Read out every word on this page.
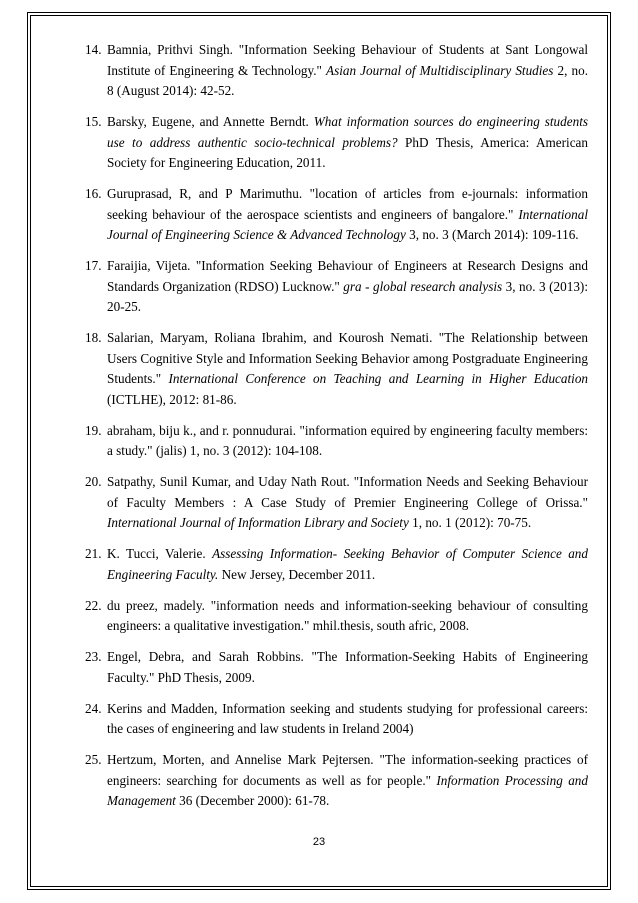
14. Bamnia, Prithvi Singh. "Information Seeking Behaviour of Students at Sant Longowal Institute of Engineering & Technology." Asian Journal of Multidisciplinary Studies 2, no. 8 (August 2014): 42-52.
15. Barsky, Eugene, and Annette Berndt. What information sources do engineering students use to address authentic socio-technical problems? PhD Thesis, America: American Society for Engineering Education, 2011.
16. Guruprasad, R, and P Marimuthu. "location of articles from e-journals: information seeking behaviour of the aerospace scientists and engineers of bangalore." International Journal of Engineering Science & Advanced Technology 3, no. 3 (March 2014): 109-116.
17. Faraijia, Vijeta. "Information Seeking Behaviour of Engineers at Research Designs and Standards Organization (RDSO) Lucknow." gra - global research analysis 3, no. 3 (2013): 20-25.
18. Salarian, Maryam, Roliana Ibrahim, and Kourosh Nemati. "The Relationship between Users Cognitive Style and Information Seeking Behavior among Postgraduate Engineering Students." International Conference on Teaching and Learning in Higher Education (ICTLHE), 2012: 81-86.
19. abraham, biju k., and r. ponnudurai. "information equired by engineering faculty members: a study." (jalis) 1, no. 3 (2012): 104-108.
20. Satpathy, Sunil Kumar, and Uday Nath Rout. "Information Needs and Seeking Behaviour of Faculty Members : A Case Study of Premier Engineering College of Orissa." International Journal of Information Library and Society 1, no. 1 (2012): 70-75.
21. K. Tucci, Valerie. Assessing Information- Seeking Behavior of Computer Science and Engineering Faculty. New Jersey, December 2011.
22. du preez, madely. "information needs and information-seeking behaviour of consulting engineers: a qualitative investigation." mhil.thesis, south afric, 2008.
23. Engel, Debra, and Sarah Robbins. "The Information-Seeking Habits of Engineering Faculty." PhD Thesis, 2009.
24. Kerins and Madden, Information seeking and students studying for professional careers: the cases of engineering and law students in Ireland 2004)
25. Hertzum, Morten, and Annelise Mark Pejtersen. "The information-seeking practices of engineers: searching for documents as well as for people." Information Processing and Management 36 (December 2000): 61-78.
23
